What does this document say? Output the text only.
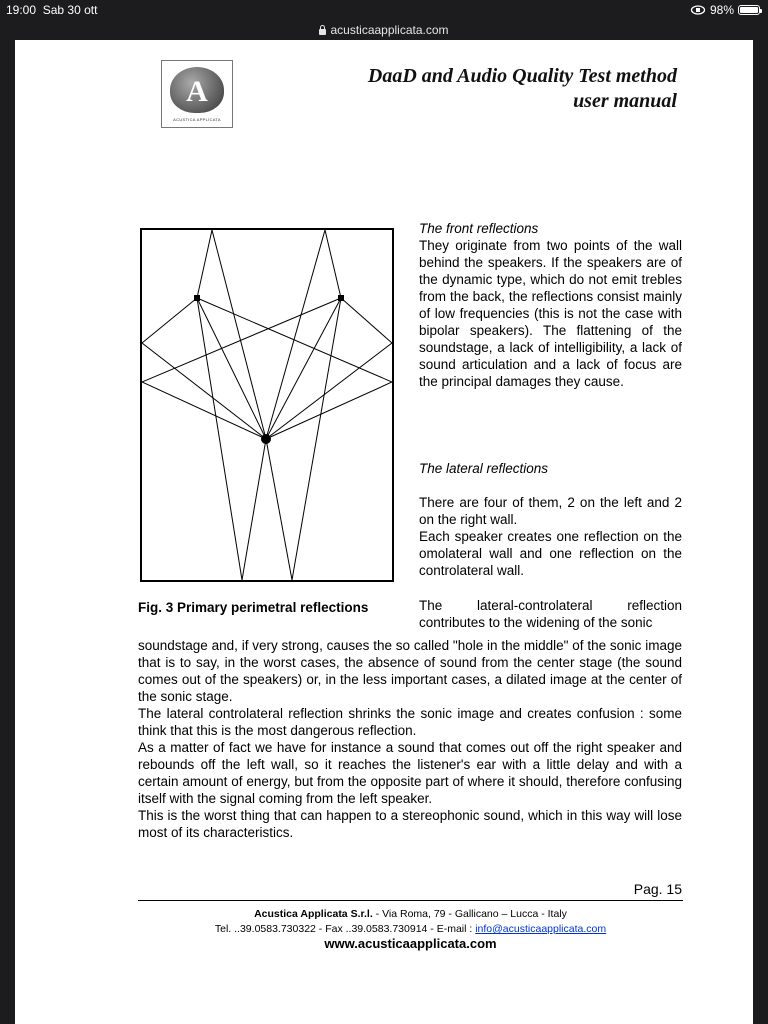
19:00 Sab 30 ott	98%
acusticaapplicata.com
A
ACUSTICA APPLICATA
DaaD and Audio Quality Test method
user manual
Fig. 3 Primary perimetral reflections
The front reflections
They originate from two points of the wall behind the speakers. If the speakers are of the dynamic type, which do not emit trebles from the back, the reflections consist mainly of low frequencies (this is not the case with bipolar speakers). The flattening of the soundstage, a lack of intelligibility, a lack of sound articulation and a lack of focus are the principal damages they cause.
The lateral reflections
There are four of them, 2 on the left and 2 on the right wall.
Each speaker creates one reflection on the omolateral wall and one reflection on the controlateral wall.
The lateral-controlateral reflection contributes to the widening of the sonic
soundstage and, if very strong, causes the so called "hole in the middle" of the sonic image that is to say, in the worst cases, the absence of sound from the center stage (the sound comes out of the speakers) or, in the less important cases, a dilated image at the center of the sonic stage.
The lateral controlateral reflection shrinks the sonic image and creates confusion : some think that this is the most dangerous reflection.
As a matter of fact we have for instance a sound that comes out off the right speaker and rebounds off the left wall, so it reaches the listener's ear with a little delay and with a certain amount of energy, but from the opposite part of where it should, therefore confusing itself with the signal coming from the left speaker.
This is the worst thing that can happen to a stereophonic sound, which in this way will lose most of its characteristics.
Pag. 15
Acustica Applicata S.r.l. - Via Roma, 79 - Gallicano – Lucca - Italy
Tel. ..39.0583.730322 - Fax ..39.0583.730914 - E-mail : info@acusticaapplicata.com
www.acusticaapplicata.com
